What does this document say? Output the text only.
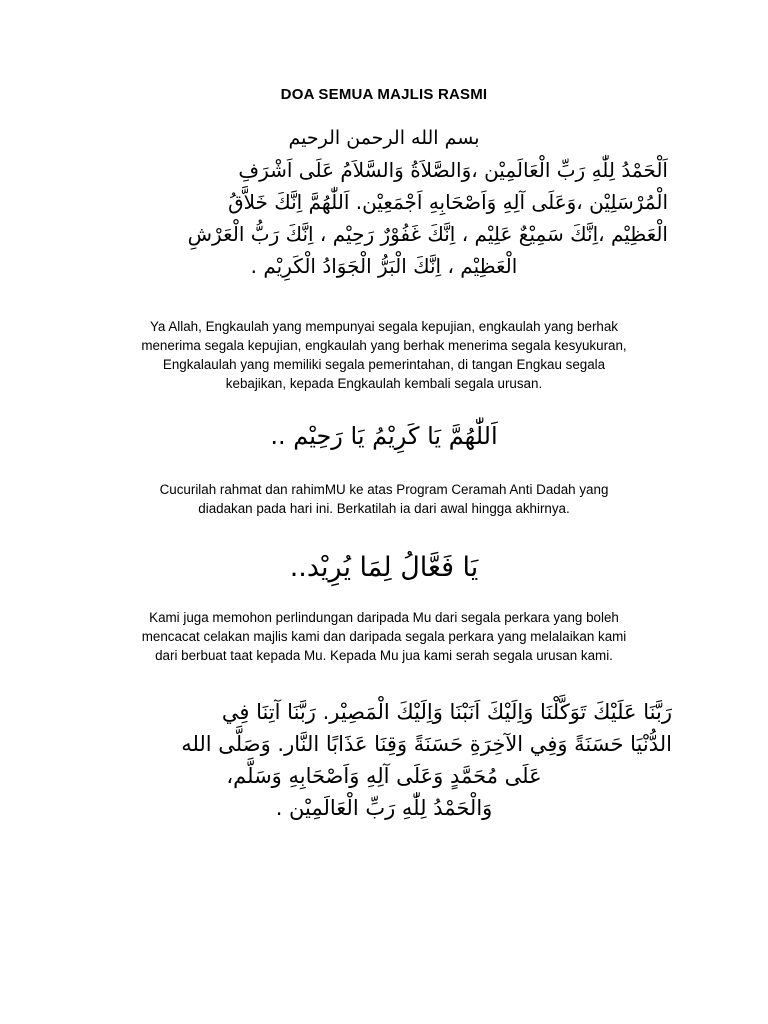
DOA SEMUA MAJLIS RASMI
بسم الله الرحمن الرحيم
اَلْحَمْدُ لِلّٰهِ رَبِّ الْعَالَمِيْن ،وَالصَّلاَةُ وَالسَّلاَمُ عَلَى اَشْرَفِ
الْمُرْسَلِيْن ،وَعَلَى آلِهِ وَاَصْحَابِهِ اَجْمَعِيْن. اَللّٰهُمَّ اِنَّكَ خَلاَّقُ
الْعَظِيْم ،اِنَّكَ سَمِيْعٌ عَلِيْم ، اِنَّكَ غَفُوْرٌ رَحِيْم ، اِنَّكَ رَبُّ الْعَرْشِ
الْعَظِيْم ، اِنَّكَ الْبَرُّ الْجَوَادُ الْكَرِيْم .
Ya Allah, Engkaulah yang mempunyai segala kepujian, engkaulah yang berhak
menerima segala kepujian, engkaulah yang berhak menerima segala kesyukuran,
Engkalaulah yang memiliki segala pemerintahan, di tangan Engkau segala
kebajikan, kepada Engkaulah kembali segala urusan.
اَللّٰهُمَّ يَا كَرِيْمُ يَا رَحِيْم ..
Cucurilah rahmat dan rahimMU ke atas Program Ceramah Anti Dadah yang
diadakan pada hari ini. Berkatilah ia dari awal hingga akhirnya.
يَا فَعَّالُ لِمَا يُرِيْد..
Kami juga memohon perlindungan daripada Mu dari segala perkara yang boleh
mencacat celakan majlis kami dan daripada segala perkara yang melalaikan kami
dari berbuat taat kepada Mu. Kepada Mu jua kami serah segala urusan kami.
رَبَّنَا عَلَيْكَ تَوَكَّلْنَا وَاِلَيْكَ اَنَبْنَا وَاِلَيْكَ الْمَصِيْر. رَبَّنَا آتِنَا فِي
الدُّنْيَا حَسَنَةً وَفِي الآخِرَةِ حَسَنَةً وَقِنَا عَذَابًا النَّار. وَصَلَّى الله
عَلَى مُحَمَّدٍ وَعَلَى آلِهِ وَاَصْحَابِهِ وَسَلَّم،
وَالْحَمْدُ لِلّٰهِ رَبِّ الْعَالَمِيْن .
